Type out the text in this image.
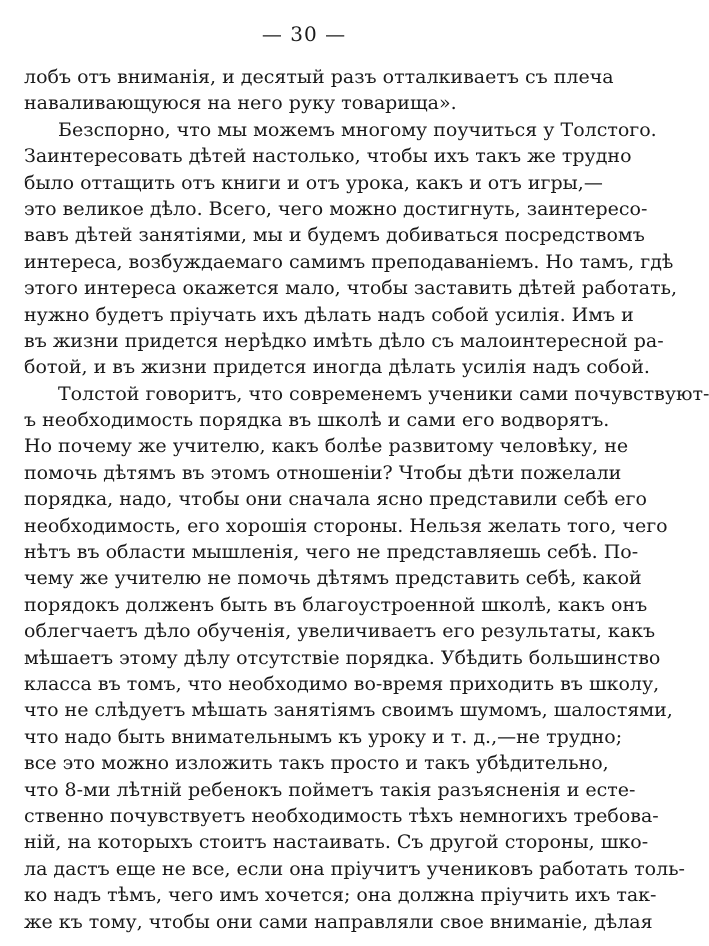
— 30 —
лобъ отъ вниманія, и десятый разъ отталкиваетъ съ плеча
наваливающуюся на него руку товарища».
Безспорно, что мы можемъ многому поучиться у Толстого.
Заинтересовать дѣтей настолько, чтобы ихъ такъ же трудно
было оттащить отъ книги и отъ урока, какъ и отъ игры,—
это великое дѣло. Всего, чего можно достигнуть, заинтересо-
вавъ дѣтей занятіями, мы и будемъ добиваться посредствомъ
интереса, возбуждаемаго самимъ преподаваніемъ. Но тамъ, гдѣ
этого интереса окажется мало, чтобы заставить дѣтей работать,
нужно будетъ пріучать ихъ дѣлать надъ собой усилія. Имъ и
въ жизни придется нерѣдко имѣть дѣло съ малоинтересной ра-
ботой, и въ жизни придется иногда дѣлать усилія надъ собой.
Толстой говоритъ, что современемъ ученики сами почувствуют-
ъ необходимость порядка въ школѣ и сами его водворятъ.
Но почему же учителю, какъ болѣе развитому человѣку, не
помочь дѣтямъ въ этомъ отношеніи? Чтобы дѣти пожелали
порядка, надо, чтобы они сначала ясно представили себѣ его
необходимость, его хорошія стороны. Нельзя желать того, чего
нѣтъ въ области мышленія, чего не представляешь себѣ. По-
чему же учителю не помочь дѣтямъ представить себѣ, какой
порядокъ долженъ быть въ благоустроенной школѣ, какъ онъ
облегчаетъ дѣло обученія, увеличиваетъ его результаты, какъ
мѣшаетъ этому дѣлу отсутствіе порядка. Убѣдить большинство
класса въ томъ, что необходимо во-время приходить въ школу,
что не слѣдуетъ мѣшать занятіямъ своимъ шумомъ, шалостями,
что надо быть внимательнымъ къ уроку и т. д.,—не трудно;
все это можно изложить такъ просто и такъ убѣдительно,
что 8-ми лѣтній ребенокъ пойметъ такія разъясненія и есте-
ственно почувствуетъ необходимость тѣхъ немногихъ требова-
ній, на которыхъ стоитъ настаивать. Съ другой стороны, шко-
ла дастъ еще не все, если она пріучитъ учениковъ работать толь-
ко надъ тѣмъ, чего имъ хочется; она должна пріучить ихъ так-
же къ тому, чтобы они сами направляли свое вниманіе, дѣлая
